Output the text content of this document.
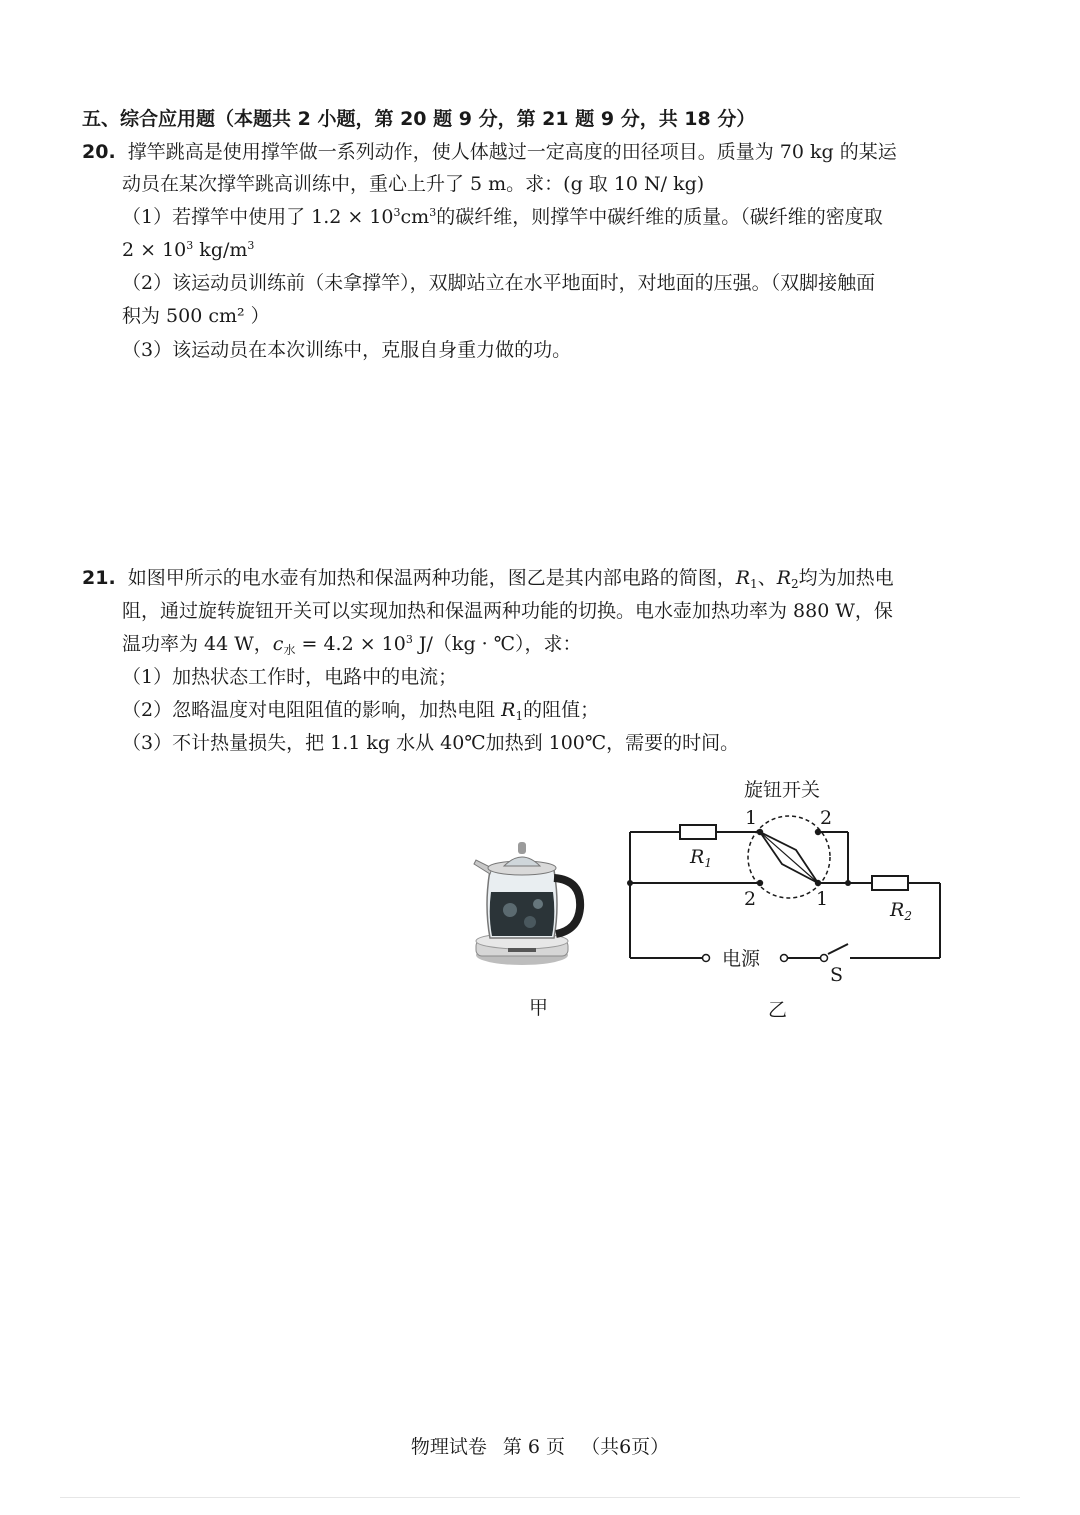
五、综合应用题（本题共 2 小题，第 20 题 9 分，第 21 题 9 分，共 18 分）
20. 撑竿跳高是使用撑竿做一系列动作，使人体越过一定高度的田径项目。质量为 70 kg 的某运
动员在某次撑竿跳高训练中，重心上升了 5 m。求：(g 取 10 N/ kg)
（1）若撑竿中使用了 $1.2 \times 10^3cm^3$的碳纤维，则撑竿中碳纤维的质量。（碳纤维的密度取
$2 \times 10^3$ $kg/m^3$
（2）该运动员训练前（未拿撑竿），双脚站立在水平地面时，对地面的压强。（双脚接触面
积为 500 cm² ）
（3）该运动员在本次训练中，克服自身重力做的功。
21. 如图甲所示的电水壶有加热和保温两种功能，图乙是其内部电路的简图，$R_1$、$R_2$均为加热电
阻，通过旋转旋钮开关可以实现加热和保温两种功能的切换。电水壶加热功率为 880 W，保
温功率为 44 W，$c_水 = 4.2 \times 10^3$ J/（kg · ℃），求：
（1）加热状态工作时，电路中的电流；
（2）忽略温度对电阻阻值的影响，加热电阻 $R_1$的阻值；
（3）不计热量损失，把 1.1 kg 水从 40℃加热到 100℃，需要的时间。
甲
旋钮开关
$R_1$
$R_2$
1	2
2	1
电源
S
乙
物理试卷 第 6 页 （共6页）
